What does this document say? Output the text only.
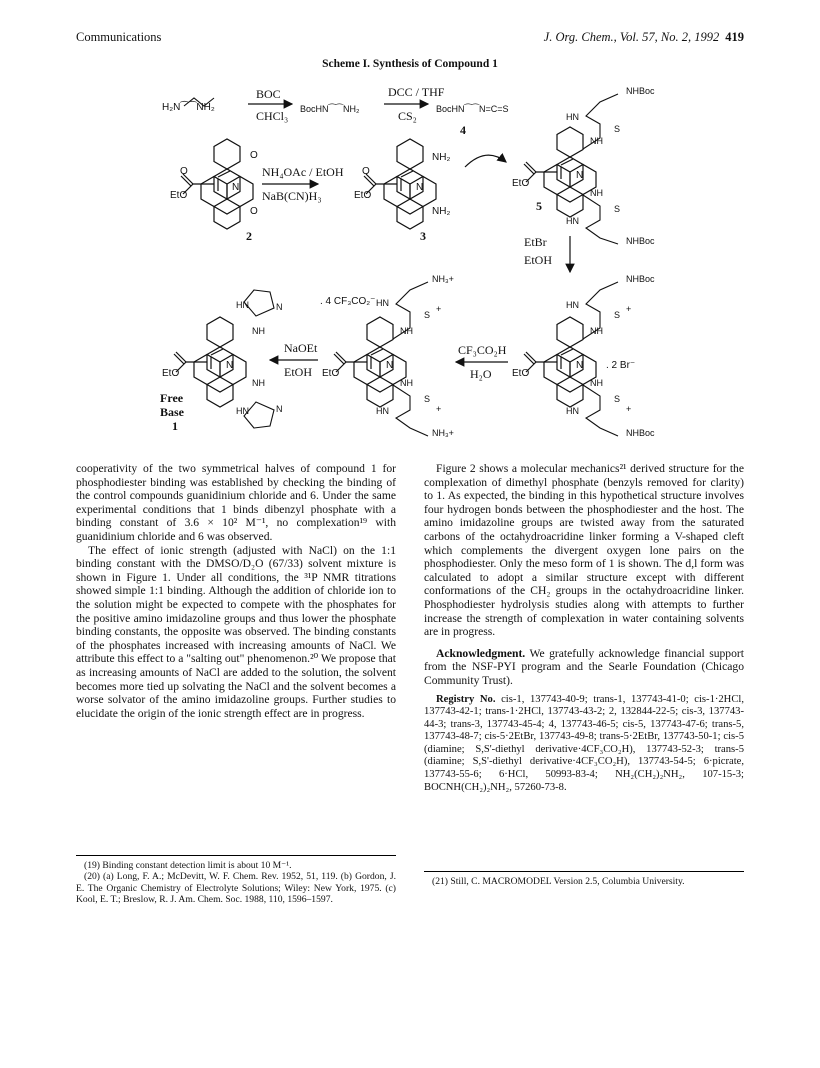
Communications	J. Org. Chem., Vol. 57, No. 2, 1992 419
Scheme I. Synthesis of Compound 1
H₂N⁀⁀NH₂
BOC
CHCl₃ BocHN⁀⁀NH₂
DCC / THF
CS₂ BocHN⁀⁀N=C=S
4
O
O
EtO
O
N
2
NH₄OAc / EtOH
NaB(CN)H₃
NH₂
NH₂
EtO
O
N
3
EtO
N
NH
S
HN
NHBoc
NH
S
HN
NHBoc
5
EtBr
EtOH
EtO
N
NHBoc
HN
S
+
NH
. 2 Br⁻
NH
S
+
HN
NHBoc
CF₃CO₂H
H₂O
EtO
N
NH₃+
. 4 CF₃CO₂⁻ HN
S
+
NH
NH
S
+
HN
NH₃+
NaOEt
EtOH
EtO
N
HN	N
NH
NH
HN	N
Free
Base
1

cooperativity of the two symmetrical halves of compound 1 for phosphodiester binding was established by checking the binding of the control compounds guanidinium chloride and 6. Under the same experimental conditions that 1 binds dibenzyl phosphate with a binding constant of 3.6 × 10² M⁻¹, no complexation¹⁹ with guanidinium chloride and 6 was observed.

The effect of ionic strength (adjusted with NaCl) on the 1:1 binding constant with the DMSO/D₂O (67/33) solvent mixture is shown in Figure 1. Under all conditions, the ³¹P NMR titrations showed simple 1:1 binding. Although the addition of chloride ion to the solution might be expected to compete with the phosphates for the positive amino imidazoline groups and thus lower the phosphate binding constants, the opposite was observed. The binding constants of the phosphates increased with increasing amounts of NaCl. We attribute this effect to a "salting out" phenomenon.²⁰ We propose that as increasing amounts of NaCl are added to the solution, the solvent becomes more tied up solvating the NaCl and the solvent becomes a worse solvator of the amino imidazoline groups. Further studies to elucidate the origin of the ionic strength effect are in progress.

Figure 2 shows a molecular mechanics²¹ derived structure for the complexation of dimethyl phosphate (benzyls removed for clarity) to 1. As expected, the binding in this hypothetical structure involves four hydrogen bonds between the phosphodiester and the host. The amino imidazoline groups are twisted away from the saturated carbons of the octahydroacridine linker forming a V-shaped cleft which complements the divergent oxygen lone pairs on the phosphodiester. Only the meso form of 1 is shown. The d,l form was calculated to adopt a similar structure except with different conformations of the CH₂ groups in the octahydroacridine linker. Phosphodiester hydrolysis studies along with attempts to further increase the strength of complexation in water containing solvents are in progress.

Acknowledgment. We gratefully acknowledge financial support from the NSF-PYI program and the Searle Foundation (Chicago Community Trust).

Registry No. cis-1, 137743-40-9; trans-1, 137743-41-0; cis-1·2HCl, 137743-42-1; trans-1·2HCl, 137743-43-2; 2, 132844-22-5; cis-3, 137743-44-3; trans-3, 137743-45-4; 4, 137743-46-5; cis-5, 137743-47-6; trans-5, 137743-48-7; cis-5·2EtBr, 137743-49-8; trans-5·2EtBr, 137743-50-1; cis-5 (diamine; S,S'-diethyl derivative·4CF₃CO₂H), 137743-52-3; trans-5 (diamine; S,S'-diethyl derivative·4CF₃CO₂H), 137743-54-5; 6·picrate, 137743-55-6; 6·HCl, 50993-83-4; NH₂(CH₂)₂NH₂, 107-15-3; BOCNH(CH₂)₂NH₂, 57260-73-8.

(19) Binding constant detection limit is about 10 M⁻¹.

(20) (a) Long, F. A.; McDevitt, W. F. Chem. Rev. 1952, 51, 119. (b) Gordon, J. E. The Organic Chemistry of Electrolyte Solutions; Wiley: New York, 1975. (c) Kool, E. T.; Breslow, R. J. Am. Chem. Soc. 1988, 110, 1596–1597.

(21) Still, C. MACROMODEL Version 2.5, Columbia University.
